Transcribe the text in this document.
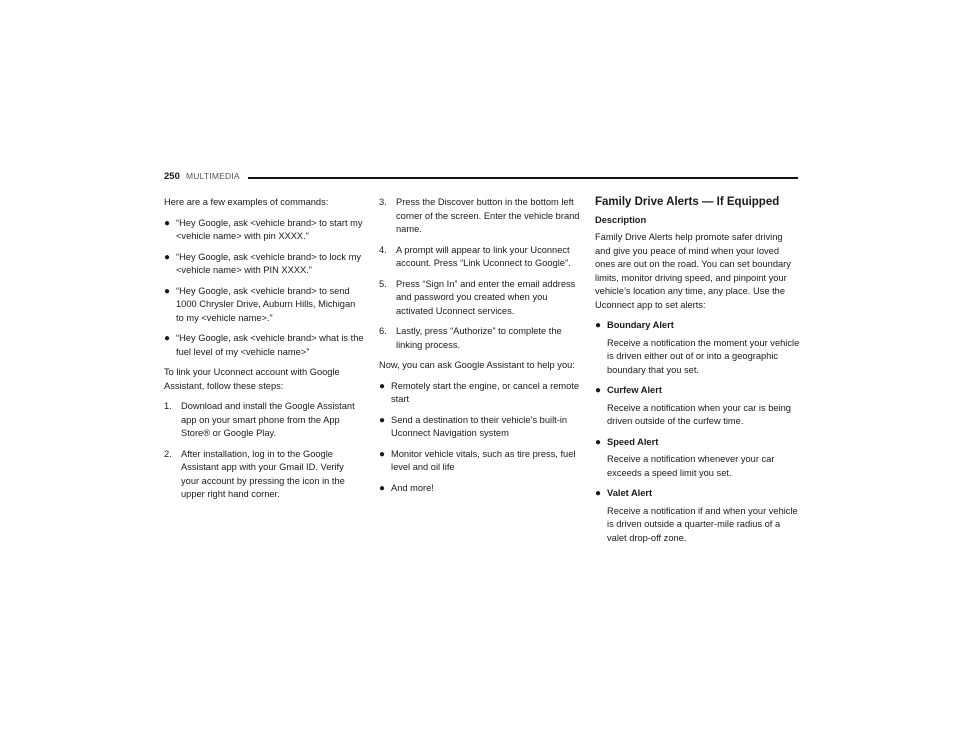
250 MULTIMEDIA

Here are a few examples of commands:

● “Hey Google, ask <vehicle brand> to start my <vehicle name> with pin XXXX.”
● “Hey Google, ask <vehicle brand> to lock my <vehicle name> with PIN XXXX.”
● “Hey Google, ask <vehicle brand> to send 1000 Chrysler Drive, Auburn Hills, Michigan to my <vehicle name>.”
● “Hey Google, ask <vehicle brand> what is the fuel level of my <vehicle name>”

To link your Uconnect account with Google Assistant, follow these steps:

1. Download and install the Google Assistant app on your smart phone from the App Store® or Google Play.
2. After installation, log in to the Google Assistant app with your Gmail ID. Verify your account by pressing the icon in the upper right hand corner.
3. Press the Discover button in the bottom left corner of the screen. Enter the vehicle brand name.
4. A prompt will appear to link your Uconnect account. Press “Link Uconnect to Google”.
5. Press “Sign In” and enter the email address and password you created when you activated Uconnect services.
6. Lastly, press “Authorize” to complete the linking process.

Now, you can ask Google Assistant to help you:

● Remotely start the engine, or cancel a remote start
● Send a destination to their vehicle’s built-in Uconnect Navigation system
● Monitor vehicle vitals, such as tire press, fuel level and oil life
● And more!
Family Drive Alerts — If Equipped
Description

Family Drive Alerts help promote safer driving and give you peace of mind when your loved ones are out on the road. You can set boundary limits, monitor driving speed, and pinpoint your vehicle’s location any time, any place. Use the Uconnect app to set alerts:

● Boundary Alert

Receive a notification the moment your vehicle is driven either out of or into a geographic boundary that you set.

● Curfew Alert

Receive a notification when your car is being driven outside of the curfew time.

● Speed Alert

Receive a notification whenever your car exceeds a speed limit you set.

● Valet Alert

Receive a notification if and when your vehicle is driven outside a quarter-mile radius of a valet drop-off zone.
